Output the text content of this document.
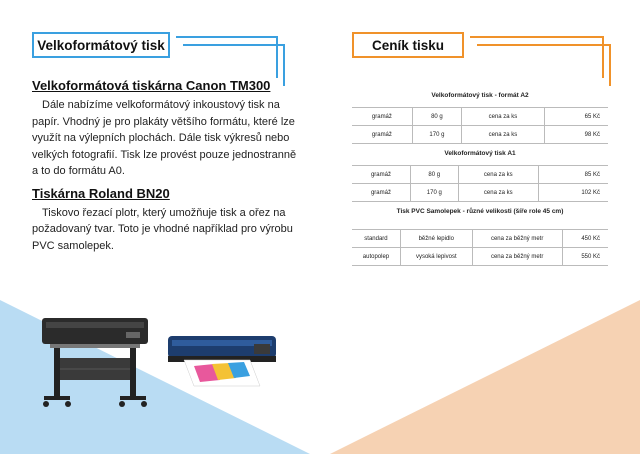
Velkoformátový tisk	Ceník tisku
Velkoformátová tiskárna Canon TM300

Dále nabízíme velkoformátový inkoustový tisk na papír. Vhodný je pro plakáty většího formátu, které lze využít na výlepních plochách. Dále tisk výkresů nebo velkých fotografií. Tisk lze provést pouze jednostranně a to do formátu A0.

Tiskárna Roland BN20

Tiskovo řezací plotr, který umožňuje tisk a ořez na požadovaný tvar. Toto je vhodné například pro výrobu PVC samolepek.

Velkoformátový tisk - formát A2
gramáž	80 g	cena za ks	65 Kč
gramáž	170 g	cena za ks	98 Kč
Velkoformátový tisk A1
gramáž	80 g	cena za ks	85 Kč
gramáž	170 g	cena za ks	102 Kč
Tisk PVC Samolepek - různé velikosti (šíře role 45 cm)
standard	běžné lepidlo	cena za běžný metr	450 Kč
autopolep	vysoká lepivost	cena za běžný metr	550 Kč
